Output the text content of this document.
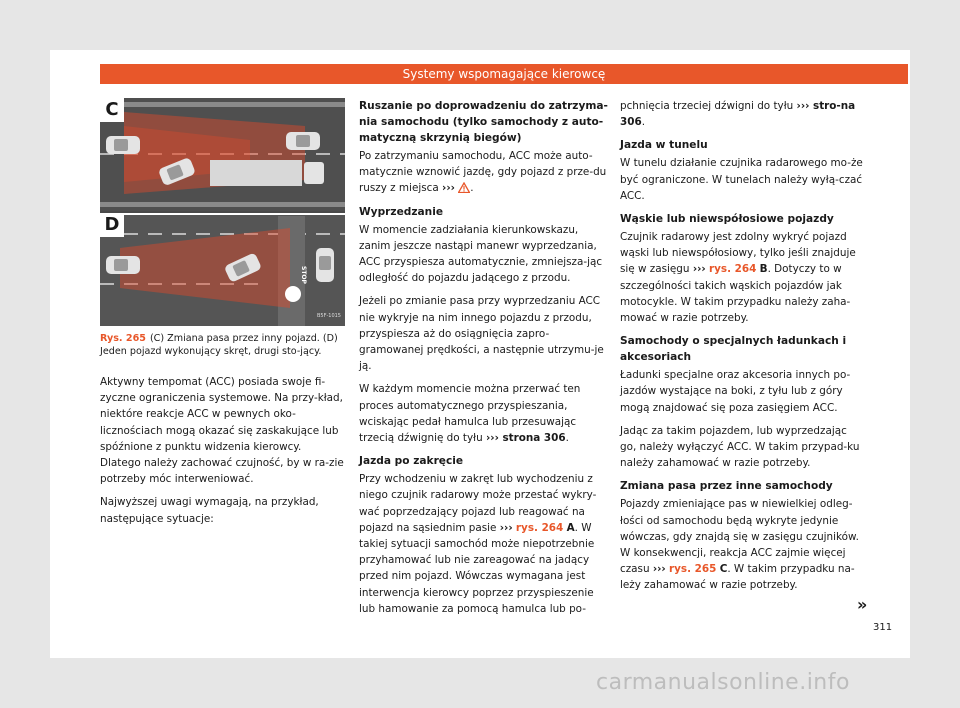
Systemy wspomagające kierowcę
STOP
C
D
B5F-1015
Rys. 265 (C) Zmiana pasa przez inny pojazd. (D) Jeden pojazd wykonujący skręt, drugi sto-jący.

Aktywny tempomat (ACC) posiada swoje fi-zyczne ograniczenia systemowe. Na przy-kład, niektóre reakcje ACC w pewnych oko-licznościach mogą okazać się zaskakujące lub spóźnione z punktu widzenia kierowcy. Dlatego należy zachować czujność, by w ra-zie potrzeby móc interweniować.

Najwyższej uwagi wymagają, na przykład, następujące sytuacje:

Ruszanie po doprowadzeniu do zatrzyma-nia samochodu (tylko samochody z auto-matyczną skrzynią biegów)

Po zatrzymaniu samochodu, ACC może auto-matycznie wznowić jazdę, gdy pojazd z prze-du ruszy z miejsca ››› .

Wyprzedzanie

W momencie zadziałania kierunkowskazu, zanim jeszcze nastąpi manewr wyprzedzania, ACC przyspiesza automatycznie, zmniejsza-jąc odległość do pojazdu jadącego z przodu.

Jeżeli po zmianie pasa przy wyprzedzaniu ACC nie wykryje na nim innego pojazdu z przodu, przyspiesza aż do osiągnięcia zapro-gramowanej prędkości, a następnie utrzymu-je ją.

W każdym momencie można przerwać ten proces automatycznego przyspieszania, wciskając pedał hamulca lub przesuwając trzecią dźwignię do tyłu ››› strona 306.

Jazda po zakręcie

Przy wchodzeniu w zakręt lub wychodzeniu z niego czujnik radarowy może przestać wykry-wać poprzedzający pojazd lub reagować na pojazd na sąsiednim pasie ››› rys. 264 A. W takiej sytuacji samochód może niepotrzebnie przyhamować lub nie zareagować na jadący przed nim pojazd. Wówczas wymagana jest interwencja kierowcy poprzez przyspieszenie lub hamowanie za pomocą hamulca lub po-

pchnięcia trzeciej dźwigni do tyłu ››› stro-na 306.

Jazda w tunelu

W tunelu działanie czujnika radarowego mo-że być ograniczone. W tunelach należy wyłą-czać ACC.

Wąskie lub niewspółosiowe pojazdy

Czujnik radarowy jest zdolny wykryć pojazd wąski lub niewspółosiowy, tylko jeśli znajduje się w zasięgu ››› rys. 264 B. Dotyczy to w szczególności takich wąskich pojazdów jak motocykle. W takim przypadku należy zaha-mować w razie potrzeby.

Samochody o specjalnych ładunkach i akcesoriach

Ładunki specjalne oraz akcesoria innych po-jazdów wystające na boki, z tyłu lub z góry mogą znajdować się poza zasięgiem ACC.

Jadąc za takim pojazdem, lub wyprzedzając go, należy wyłączyć ACC. W takim przypad-ku należy zahamować w razie potrzeby.

Zmiana pasa przez inne samochody

Pojazdy zmieniające pas w niewielkiej odleg-łości od samochodu będą wykryte jedynie wówczas, gdy znajdą się w zasięgu czujników. W konsekwencji, reakcja ACC zajmie więcej czasu ››› rys. 265 C. W takim przypadku na-leży zahamować w razie potrzeby.

»
311
carmanualsonline.info
